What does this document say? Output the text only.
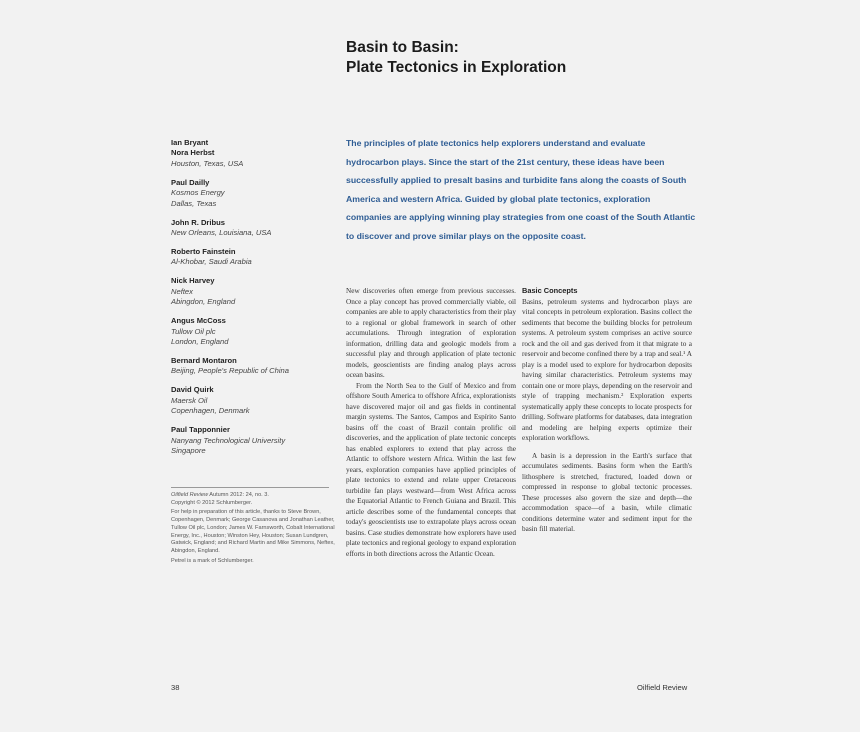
Basin to Basin:
Plate Tectonics in Exploration
Ian Bryant
Nora Herbst
Houston, Texas, USA
Paul Dailly
Kosmos Energy
Dallas, Texas
John R. Dribus
New Orleans, Louisiana, USA
Roberto Fainstein
Al-Khobar, Saudi Arabia
Nick Harvey
Neftex
Abingdon, England
Angus McCoss
Tullow Oil plc
London, England
Bernard Montaron
Beijing, People's Republic of China
David Quirk
Maersk Oil
Copenhagen, Denmark
Paul Tapponnier
Nanyang Technological University
Singapore

Oilfield Review Autumn 2012: 24, no. 3.
Copyright © 2012 Schlumberger.

For help in preparation of this article, thanks to Steve Brown, Copenhagen, Denmark; George Casanova and Jonathan Leather, Tullow Oil plc, London; James W. Farnsworth, Cobalt International Energy, Inc., Houston; Winston Hey, Houston; Susan Lundgren, Gatwick, England; and Richard Martin and Mike Simmons, Neftex, Abingdon, England.

Petrel is a mark of Schlumberger.

The principles of plate tectonics help explorers understand and evaluate hydrocarbon plays. Since the start of the 21st century, these ideas have been successfully applied to presalt basins and turbidite fans along the coasts of South America and western Africa. Guided by global plate tectonics, exploration companies are applying winning play strategies from one coast of the South Atlantic to discover and prove similar plays on the opposite coast.

New discoveries often emerge from previous successes. Once a play concept has proved commercially viable, oil companies are able to apply characteristics from their play to a regional or global framework in search of other accumulations. Through integration of exploration information, drilling data and geologic models from a successful play and through application of plate tectonic models, geoscientists are finding analog plays across ocean basins.

From the North Sea to the Gulf of Mexico and from offshore South America to offshore Africa, explorationists have discovered major oil and gas fields in continental margin systems. The Santos, Campos and Espírito Santo basins off the coast of Brazil contain prolific oil discoveries, and the application of plate tectonic concepts has enabled explorers to extend that play across the Atlantic to offshore western Africa. Within the last few years, exploration companies have applied principles of plate tectonics to extend and relate upper Cretaceous turbidite fan plays westward—from West Africa across the Equatorial Atlantic to French Guiana and Brazil. This article describes some of the fundamental concepts that today's geoscientists use to extrapolate plays across ocean basins. Case studies demonstrate how explorers have used plate tectonics and regional geology to expand exploration efforts in both directions across the Atlantic Ocean.

Basic Concepts

Basins, petroleum systems and hydrocarbon plays are vital concepts in petroleum exploration. Basins collect the sediments that become the building blocks for petroleum systems. A petroleum system comprises an active source rock and the oil and gas derived from it that migrate to a reservoir and become confined there by a trap and seal.¹ A play is a model used to explore for hydrocarbon deposits having similar characteristics. Petroleum systems may contain one or more plays, depending on the reservoir and style of trapping mechanism.² Exploration experts systematically apply these concepts to locate prospects for drilling. Software platforms for databases, data integration and modeling are helping experts optimize their exploration workflows.

A basin is a depression in the Earth's surface that accumulates sediments. Basins form when the Earth's lithosphere is stretched, fractured, loaded down or compressed in response to global tectonic processes. These processes also govern the size and depth—the accommodation space—of a basin, while climatic conditions determine water and sediment input for the basin fill material.

38	Oilfield Review
